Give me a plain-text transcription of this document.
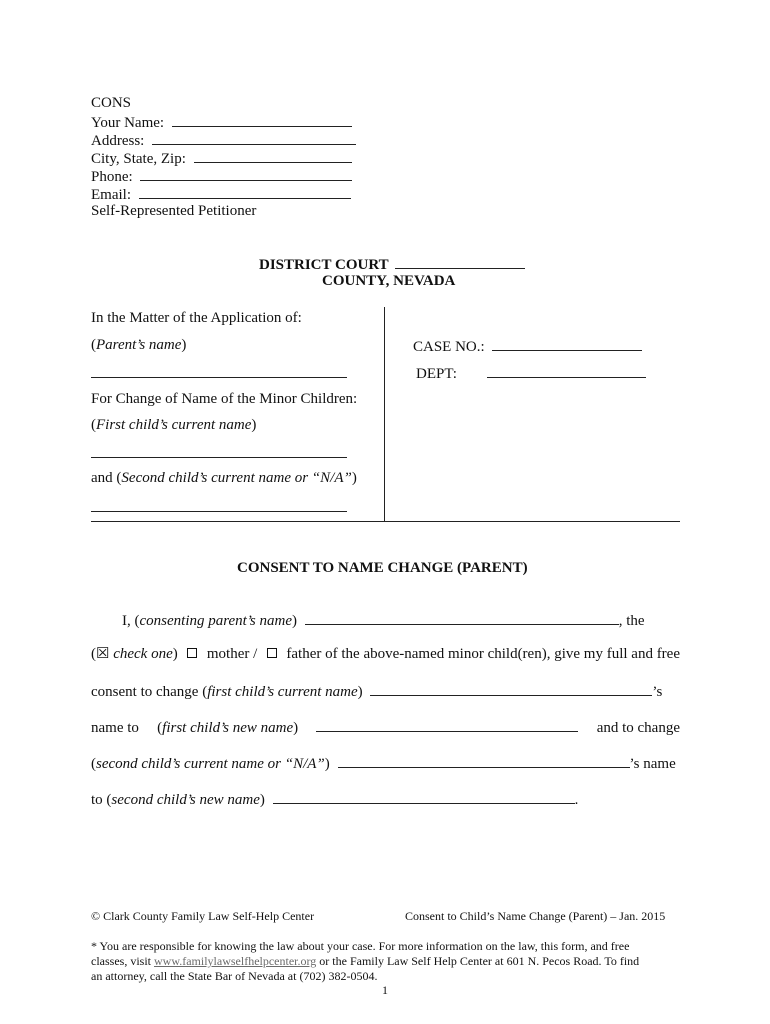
CONS
Your Name:
Address:
City, State, Zip:
Phone:
Email:
Self-Represented Petitioner
DISTRICT COURT
COUNTY, NEVADA
In the Matter of the Application of:
(Parent’s name)
For Change of Name of the Minor Children:
(First child’s current name)
and (Second child’s current name or “N/A”)
CASE NO.:
DEPT:
CONSENT TO NAME CHANGE (PARENT)
I, (consenting parent’s name)	, the
(☒ check one) mother / father of the above-named minor child(ren), give my full and free
consent to change (first child’s current name)	’s
name to (first child’s new name)	and to change
(second child’s current name or “N/A”)	’s name
to (second child’s new name)	.
© Clark County Family Law Self-Help Center	Consent to Child’s Name Change (Parent) – Jan. 2015
* You are responsible for knowing the law about your case. For more information on the law, this form, and free
classes, visit www.familylawselfhelpcenter.org or the Family Law Self Help Center at 601 N. Pecos Road. To find
an attorney, call the State Bar of Nevada at (702) 382-0504.
1
